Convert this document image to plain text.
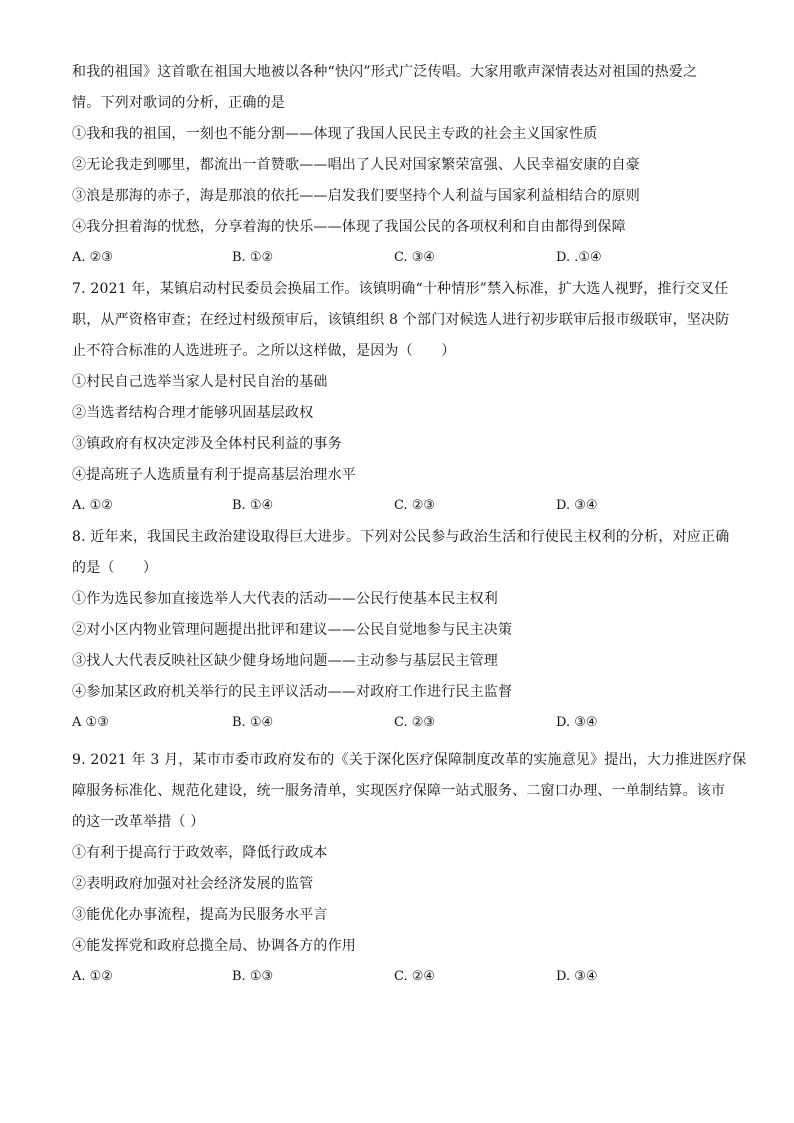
和我的祖国》这首歌在祖国大地被以各种“快闪”形式广泛传唱。大家用歌声深情表达对祖国的热爱之
情。下列对歌词的分析，正确的是
①我和我的祖国，一刻也不能分割——体现了我国人民民主专政的社会主义国家性质
②无论我走到哪里，都流出一首赞歌——唱出了人民对国家繁荣富强、人民幸福安康的自豪
③浪是那海的赤子，海是那浪的依托——启发我们要坚持个人利益与国家利益相结合的原则
④我分担着海的忧愁，分享着海的快乐——体现了我国公民的各项权利和自由都得到保障
A. ②③	B. ①②	C. ③④	D. .①④
7. 2021 年，某镇启动村民委员会换届工作。该镇明确“十种情形”禁入标准，扩大选人视野，推行交叉任
职，从严资格审查；在经过村级预审后，该镇组织 8 个部门对候选人进行初步联审后报市级联审，坚决防
止不符合标准的人选进班子。之所以这样做，是因为（　　）
①村民自己选举当家人是村民自治的基础
②当选者结构合理才能够巩固基层政权
③镇政府有权决定涉及全体村民利益的事务
④提高班子人选质量有利于提高基层治理水平
A. ①②	B. ①④	C. ②③	D. ③④
8. 近年来，我国民主政治建设取得巨大进步。下列对公民参与政治生活和行使民主权利的分析，对应正确
的是（　　）
①作为选民参加直接选举人大代表的活动——公民行使基本民主权利
②对小区内物业管理问题提出批评和建议——公民自觉地参与民主决策
③找人大代表反映社区缺少健身场地问题——主动参与基层民主管理
④参加某区政府机关举行的民主评议活动——对政府工作进行民主监督
A ①③	B. ①④	C. ②③	D. ③④
9. 2021 年 3 月，某市市委市政府发布的《关于深化医疗保障制度改革的实施意见》提出，大力推进医疗保
障服务标准化、规范化建设，统一服务清单，实现医疗保障一站式服务、二窗口办理、一单制结算。该市
的这一改革举措（ ）
①有利于提高行于政效率，降低行政成本
②表明政府加强对社会经济发展的监管
③能优化办事流程，提高为民服务水平言
④能发挥党和政府总揽全局、协调各方的作用
A. ①②	B. ①③	C. ②④	D. ③④
